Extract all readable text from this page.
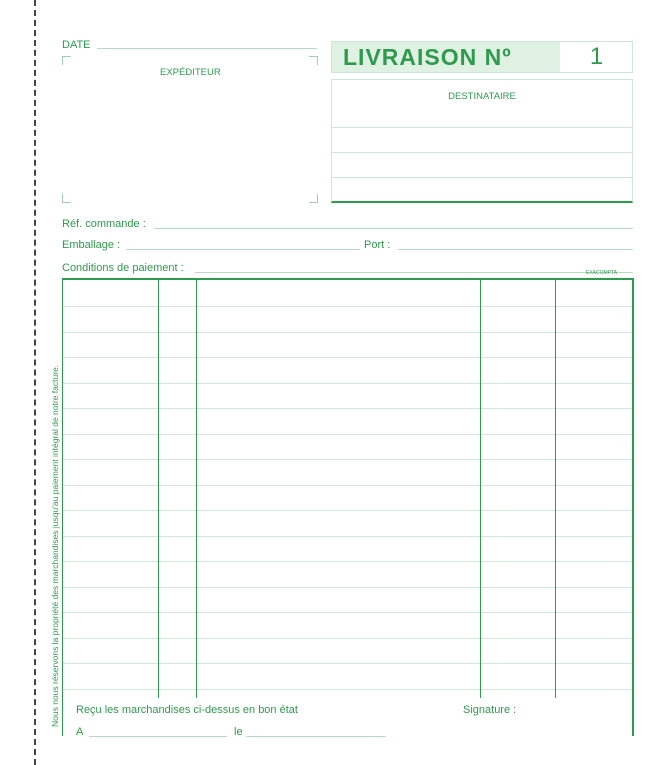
DATE
EXPÉDITEUR
LIVRAISON Nº	1
DESTINATAIRE
Réf. commande :
Emballage :	Port :
Conditions de paiement :	EXACOMPTA
Nous nous réservons la propriété des marchandises jusqu'au paiement intégral de notre facture. Reçu les marchandises ci-dessus en bon état	Signature :
A	le
